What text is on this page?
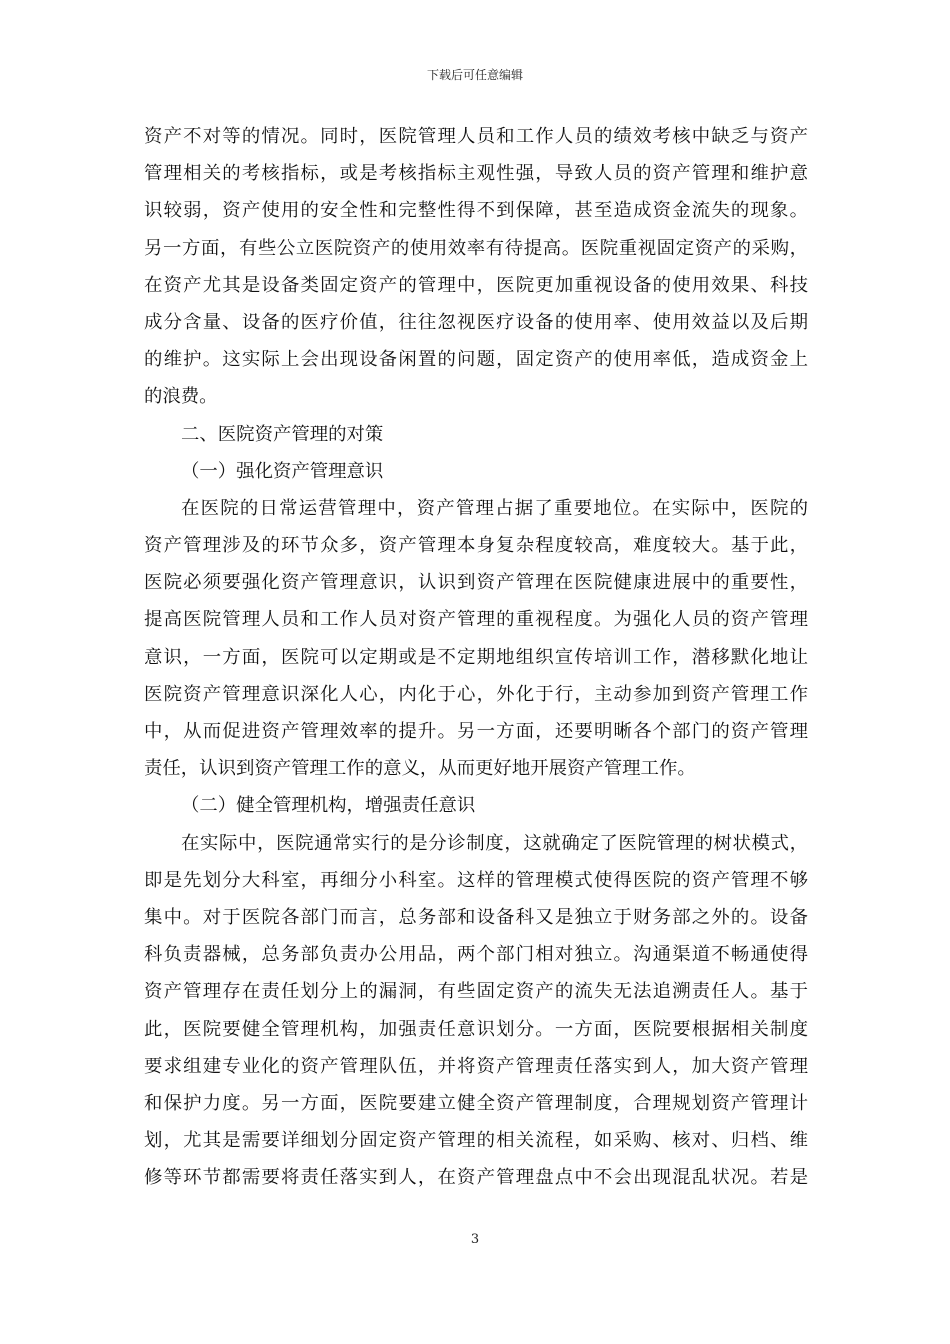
下载后可任意编辑
资产不对等的情况。同时，医院管理人员和工作人员的绩效考核中缺乏与资产
管理相关的考核指标，或是考核指标主观性强，导致人员的资产管理和维护意
识较弱，资产使用的安全性和完整性得不到保障，甚至造成资金流失的现象。
另一方面，有些公立医院资产的使用效率有待提高。医院重视固定资产的采购，
在资产尤其是设备类固定资产的管理中，医院更加重视设备的使用效果、科技
成分含量、设备的医疗价值，往往忽视医疗设备的使用率、使用效益以及后期
的维护。这实际上会出现设备闲置的问题，固定资产的使用率低，造成资金上
的浪费。
二、医院资产管理的对策
（一）强化资产管理意识
在医院的日常运营管理中，资产管理占据了重要地位。在实际中，医院的
资产管理涉及的环节众多，资产管理本身复杂程度较高，难度较大。基于此，
医院必须要强化资产管理意识，认识到资产管理在医院健康进展中的重要性，
提高医院管理人员和工作人员对资产管理的重视程度。为强化人员的资产管理
意识，一方面，医院可以定期或是不定期地组织宣传培训工作，潜移默化地让
医院资产管理意识深化人心，内化于心，外化于行，主动参加到资产管理工作
中，从而促进资产管理效率的提升。另一方面，还要明晰各个部门的资产管理
责任，认识到资产管理工作的意义，从而更好地开展资产管理工作。
（二）健全管理机构，增强责任意识
在实际中，医院通常实行的是分诊制度，这就确定了医院管理的树状模式，
即是先划分大科室，再细分小科室。这样的管理模式使得医院的资产管理不够
集中。对于医院各部门而言，总务部和设备科又是独立于财务部之外的。设备
科负责器械，总务部负责办公用品，两个部门相对独立。沟通渠道不畅通使得
资产管理存在责任划分上的漏洞，有些固定资产的流失无法追溯责任人。基于
此，医院要健全管理机构，加强责任意识划分。一方面，医院要根据相关制度
要求组建专业化的资产管理队伍，并将资产管理责任落实到人，加大资产管理
和保护力度。另一方面，医院要建立健全资产管理制度，合理规划资产管理计
划，尤其是需要详细划分固定资产管理的相关流程，如采购、核对、归档、维
修等环节都需要将责任落实到人，在资产管理盘点中不会出现混乱状况。若是
3
